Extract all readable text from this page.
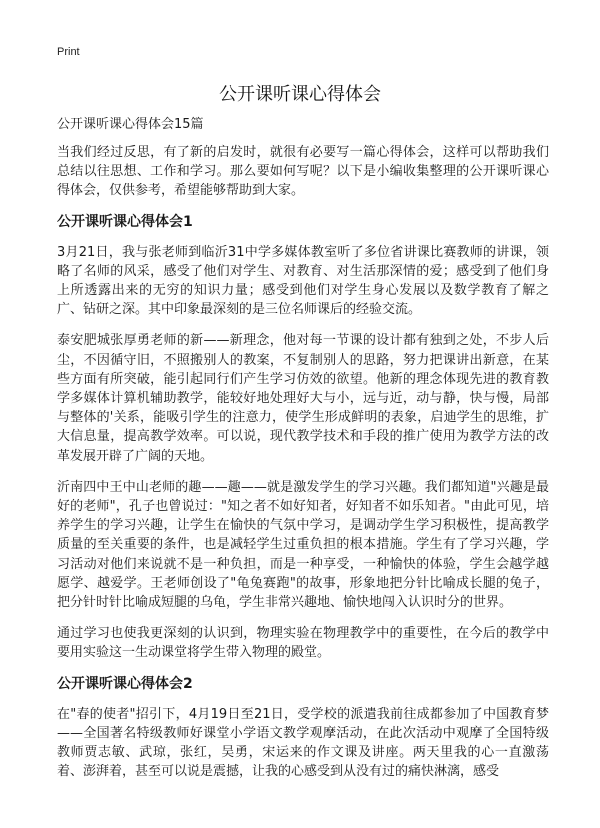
Print
公开课听课心得体会

公开课听课心得体会15篇

当我们经过反思，有了新的启发时，就很有必要写一篇心得体会，这样可以帮助我们总结以往思想、工作和学习。那么要如何写呢？以下是小编收集整理的公开课听课心得体会，仅供参考，希望能够帮助到大家。

公开课听课心得体会1

3月21日，我与张老师到临沂31中学多媒体教室听了多位省讲课比赛教师的讲课，领略了名师的风采，感受了他们对学生、对教育、对生活那深情的爱；感受到了他们身上所透露出来的无穷的知识力量；感受到他们对学生身心发展以及数学教育了解之广、钻研之深。其中印象最深刻的是三位名师课后的经验交流。

泰安肥城张厚勇老师的新——新理念，他对每一节课的设计都有独到之处，不步人后尘，不因循守旧，不照搬别人的教案，不复制别人的思路，努力把课讲出新意，在某些方面有所突破，能引起同行们产生学习仿效的欲望。他新的理念体现先进的教育教学多媒体计算机辅助教学，能较好地处理好大与小，远与近，动与静，快与慢，局部与整体的'关系，能吸引学生的注意力，使学生形成鲜明的表象，启迪学生的思维，扩大信息量，提高教学效率。可以说，现代教学技术和手段的推广使用为教学方法的改革发展开辟了广阔的天地。

沂南四中王中山老师的趣——趣——就是激发学生的学习兴趣。我们都知道"兴趣是最好的老师"，孔子也曾说过："知之者不如好知者，好知者不如乐知者。"由此可见，培养学生的学习兴趣，让学生在愉快的气氛中学习，是调动学生学习积极性，提高教学质量的至关重要的条件，也是减轻学生过重负担的根本措施。学生有了学习兴趣，学习活动对他们来说就不是一种负担，而是一种享受，一种愉快的体验，学生会越学越愿学、越爱学。王老师创设了"龟兔赛跑"的故事，形象地把分针比喻成长腿的兔子，把分针时针比喻成短腿的乌龟，学生非常兴趣地、愉快地闯入认识时分的世界。

通过学习也使我更深刻的认识到，物理实验在物理教学中的重要性，在今后的教学中要用实验这一生动课堂将学生带入物理的殿堂。

公开课听课心得体会2

在"春的使者"招引下，4月19日至21日，受学校的派遣我前往成都参加了中国教育梦——全国著名特级教师好课堂小学语文教学观摩活动，在此次活动中观摩了全国特级教师贾志敏、武琼，张红，吴勇，宋运来的作文课及讲座。两天里我的心一直激荡着、澎湃着，甚至可以说是震撼，让我的心感受到从没有过的痛快淋漓，感受
